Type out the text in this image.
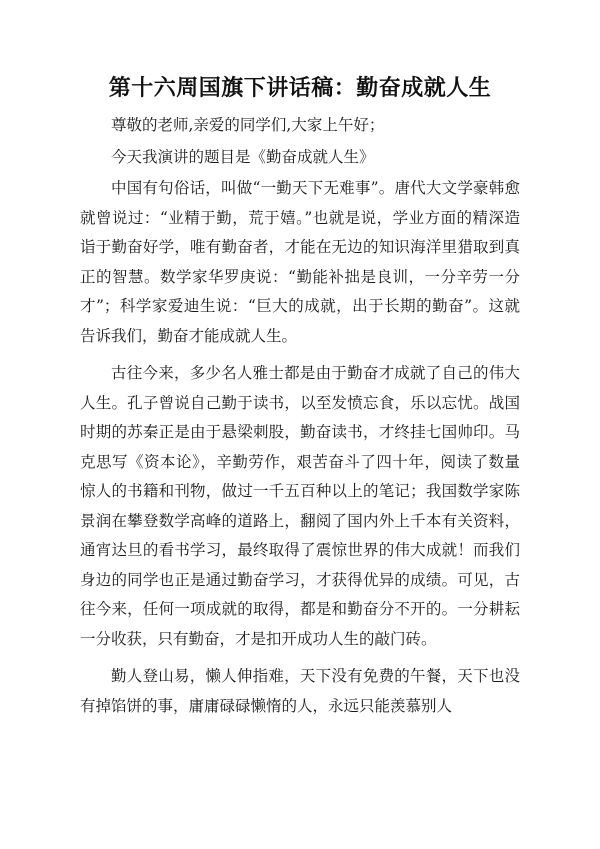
第十六周国旗下讲话稿：勤奋成就人生

尊敬的老师,亲爱的同学们,大家上午好；

今天我演讲的题目是《勤奋成就人生》

中国有句俗话，叫做“一勤天下无难事”。唐代大文学豪韩愈就曾说过：“业精于勤，荒于嬉。”也就是说，学业方面的精深造诣于勤奋好学，唯有勤奋者，才能在无边的知识海洋里猎取到真正的智慧。数学家华罗庚说：“勤能补拙是良训，一分辛劳一分才”；科学家爱迪生说：“巨大的成就，出于长期的勤奋”。这就告诉我们，勤奋才能成就人生。

古往今来，多少名人雅士都是由于勤奋才成就了自己的伟大人生。孔子曾说自己勤于读书，以至发愤忘食，乐以忘忧。战国时期的苏秦正是由于悬梁刺股，勤奋读书，才终挂七国帅印。马克思写《资本论》，辛勤劳作，艰苦奋斗了四十年，阅读了数量惊人的书籍和刊物，做过一千五百种以上的笔记；我国数学家陈景润在攀登数学高峰的道路上，翻阅了国内外上千本有关资料，通宵达旦的看书学习，最终取得了震惊世界的伟大成就！而我们身边的同学也正是通过勤奋学习，才获得优异的成绩。可见，古往今来，任何一项成就的取得，都是和勤奋分不开的。一分耕耘一分收获，只有勤奋，才是扣开成功人生的敲门砖。

勤人登山易，懒人伸指难，天下没有免费的午餐，天下也没有掉馅饼的事，庸庸碌碌懒惰的人，永远只能羡慕别人
